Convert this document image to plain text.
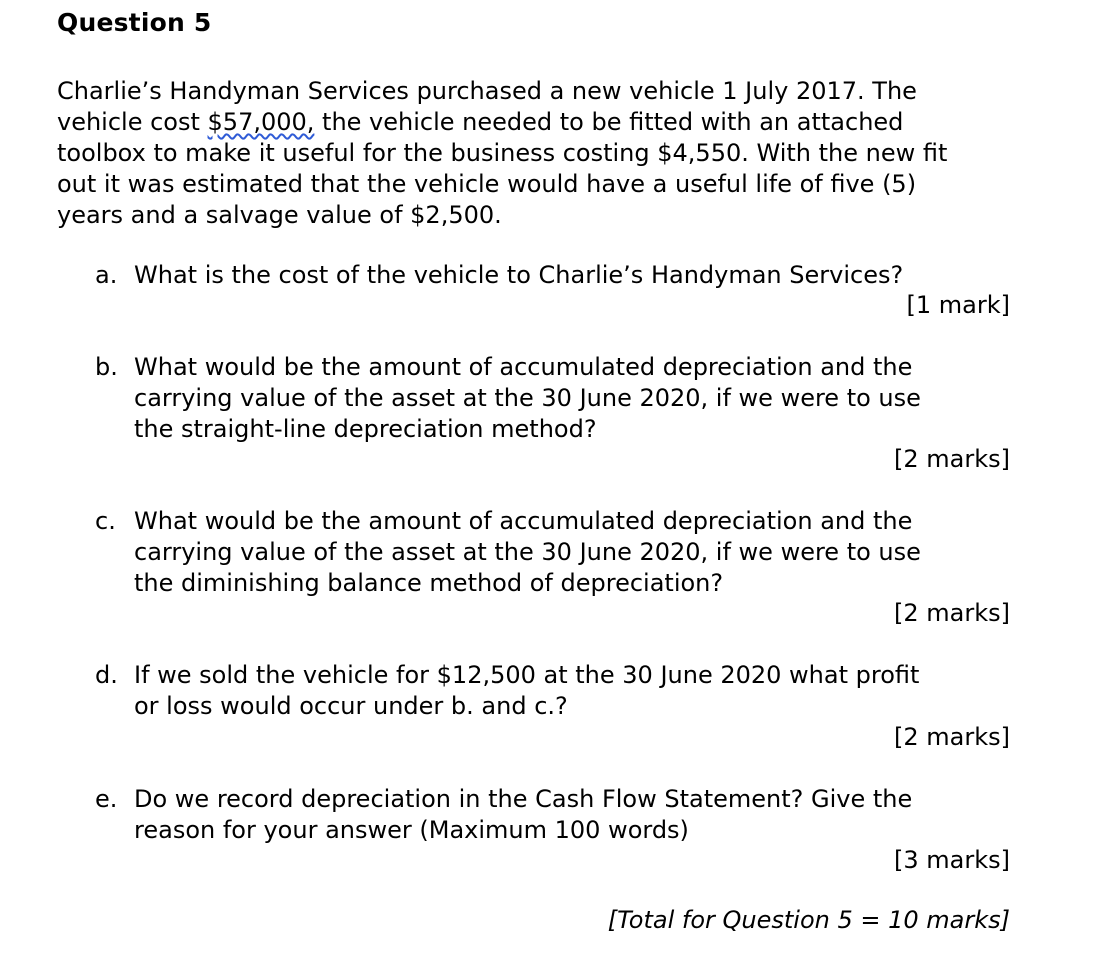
Question 5
Charlie’s Handyman Services purchased a new vehicle 1 July 2017. The
vehicle cost $57,000, the vehicle needed to be fitted with an attached
toolbox to make it useful for the business costing $4,550. With the new fit
out it was estimated that the vehicle would have a useful life of five (5)
years and a salvage value of $2,500.
a. What is the cost of the vehicle to Charlie’s Handyman Services?
[1 mark]
b. What would be the amount of accumulated depreciation and the
carrying value of the asset at the 30 June 2020, if we were to use
the straight-line depreciation method?
[2 marks]
c. What would be the amount of accumulated depreciation and the
carrying value of the asset at the 30 June 2020, if we were to use
the diminishing balance method of depreciation?
[2 marks]
d. If we sold the vehicle for $12,500 at the 30 June 2020 what profit
or loss would occur under b. and c.?
[2 marks]
e. Do we record depreciation in the Cash Flow Statement? Give the
reason for your answer (Maximum 100 words)
[3 marks]
[Total for Question 5 = 10 marks]
